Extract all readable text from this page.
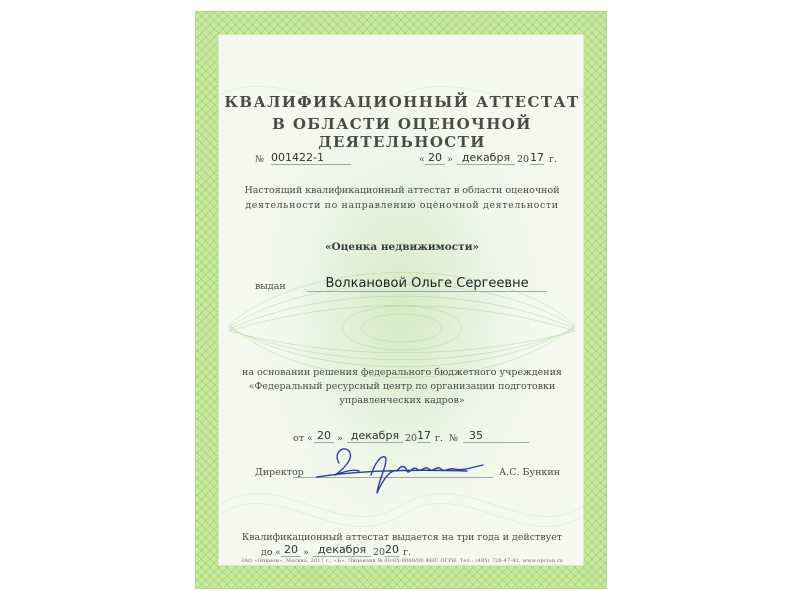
КВАЛИФИКАЦИОННЫЙ АТТЕСТАТ
В ОБЛАСТИ ОЦЕНОЧНОЙ ДЕЯТЕЛЬНОСТИ
№ 001422-1	« 20 » декабря 20 17 г.
Настоящий квалификационный аттестат в области оценочной
деятельности по направлению оценочной деятельности
«Оценка недвижимости»
выдан	Волкановой Ольге Сергеевне
на основании решения федерального бюджетного учреждения
«Федеральный ресурсный центр по организации подготовки
управленческих кадров»
от « 20 » декабря 20 17 г. №	35
Директор	А.С. Бункин
Квалификационный аттестат выдается на три года и действует
до « 20 » декабря 20 20 г.
ЗАО «Опцион», Москва, 2017 г., «Б». Лицензия № 00-05-0000/00 ФНС ОГРН. Тел.: (495) 726-47-42, www.opcion.ru
